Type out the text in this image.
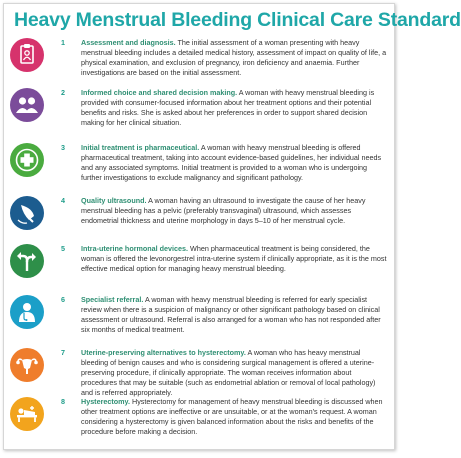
Heavy Menstrual Bleeding Clinical Care Standard
1 Assessment and diagnosis. The initial assessment of a woman presenting with heavy menstrual bleeding includes a detailed medical history, assessment of impact on quality of life, a physical examination, and exclusion of pregnancy, iron deficiency and anaemia. Further investigations are based on the initial assessment.
2 Informed choice and shared decision making. A woman with heavy menstrual bleeding is provided with consumer-focused information about her treatment options and their potential benefits and risks. She is asked about her preferences in order to support shared decision making for her clinical situation.
3 Initial treatment is pharmaceutical. A woman with heavy menstrual bleeding is offered pharmaceutical treatment, taking into account evidence-based guidelines, her individual needs and any associated symptoms. Initial treatment is provided to a woman who is undergoing further investigations to exclude malignancy and significant pathology.
4 Quality ultrasound. A woman having an ultrasound to investigate the cause of her heavy menstrual bleeding has a pelvic (preferably transvaginal) ultrasound, which assesses endometrial thickness and uterine morphology in days 5–10 of her menstrual cycle.
5 Intra-uterine hormonal devices. When pharmaceutical treatment is being considered, the woman is offered the levonorgestrel intra-uterine system if clinically appropriate, as it is the most effective medical option for managing heavy menstrual bleeding.
6 Specialist referral. A woman with heavy menstrual bleeding is referred for early specialist review when there is a suspicion of malignancy or other significant pathology based on clinical assessment or ultrasound. Referral is also arranged for a woman who has not responded after six months of medical treatment.
7 Uterine-preserving alternatives to hysterectomy. A woman who has heavy menstrual bleeding of benign causes and who is considering surgical management is offered a uterine-preserving procedure, if clinically appropriate. The woman receives information about procedures that may be suitable (such as endometrial ablation or removal of local pathology) and is referred appropriately.
8 Hysterectomy. Hysterectomy for management of heavy menstrual bleeding is discussed when other treatment options are ineffective or are unsuitable, or at the woman's request. A woman considering a hysterectomy is given balanced information about the risks and benefits of the procedure before making a decision.
